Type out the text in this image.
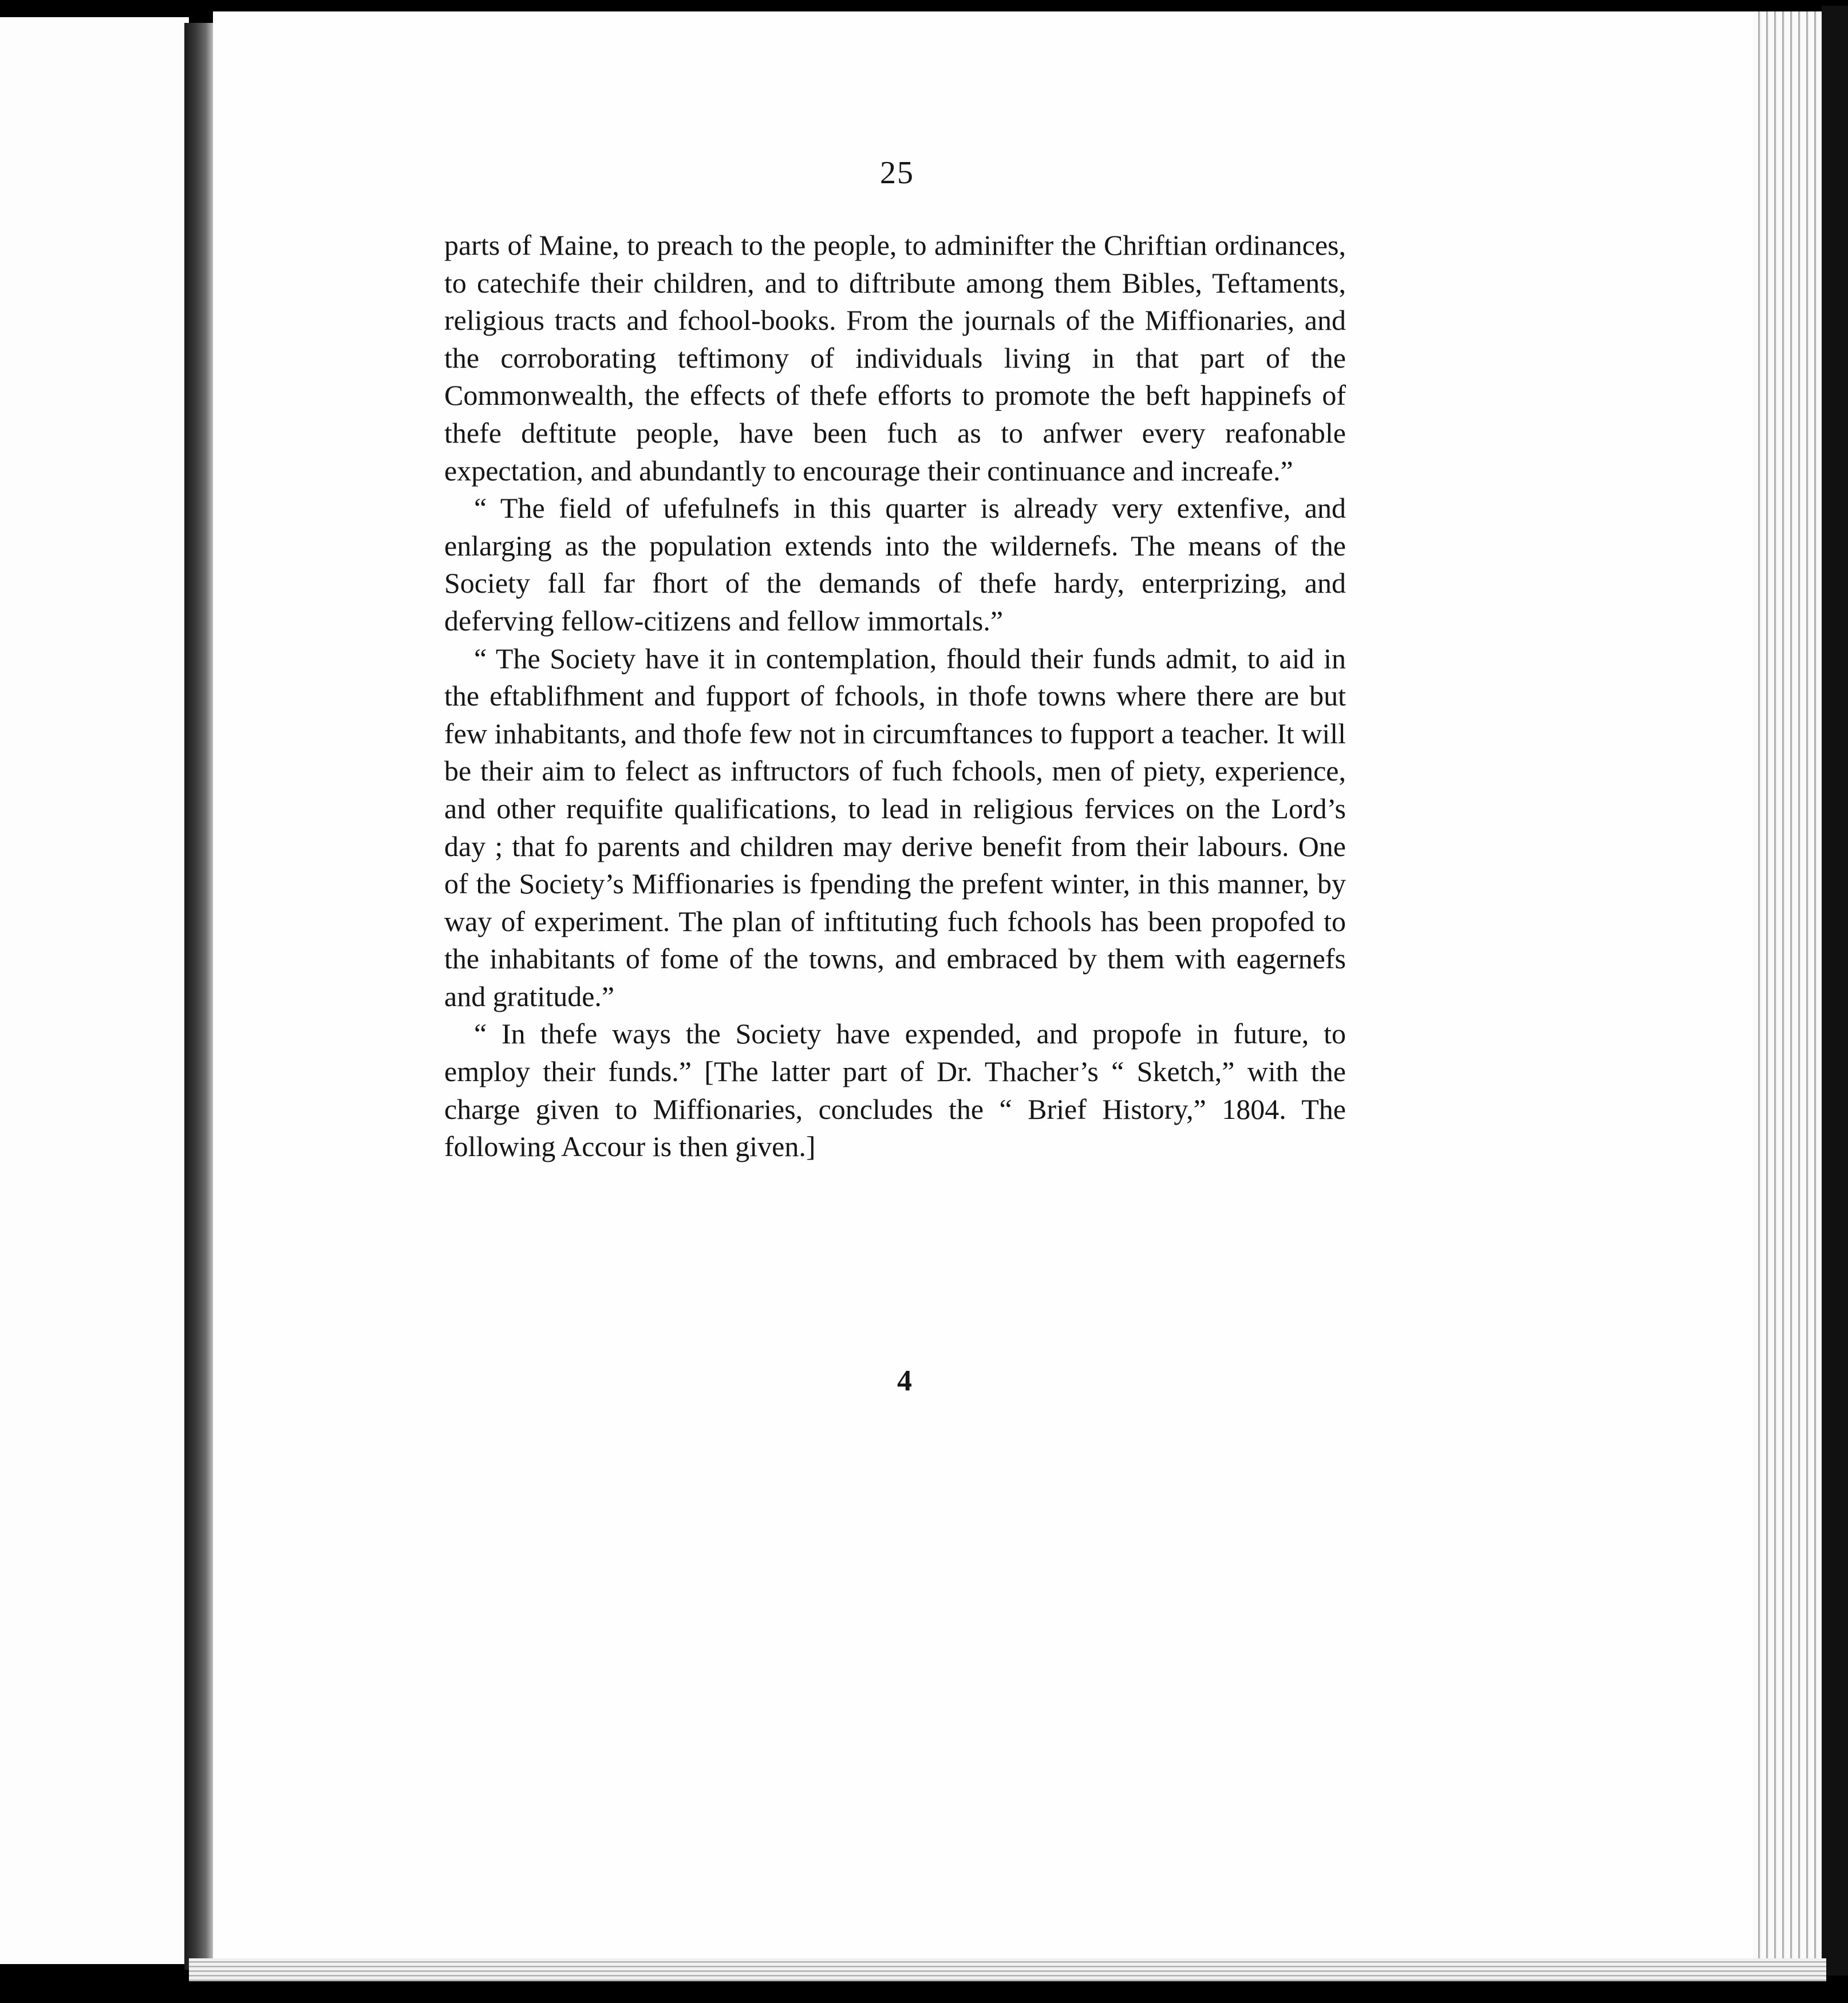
25

parts of Maine, to preach to the people, to adminifter the Chriftian ordinances, to catechife their children, and to diftribute among them Bibles, Teftaments, religious tracts and fchool-books. From the journals of the Miffionaries, and the corroborating teftimony of individuals living in that part of the Commonwealth, the effects of thefe efforts to promote the beft happinefs of thefe deftitute people, have been fuch as to anfwer every reafonable expectation, and abundantly to encourage their continuance and increafe.”

“ The field of ufefulnefs in this quarter is already very extenfive, and enlarging as the population extends into the wildernefs. The means of the Society fall far fhort of the demands of thefe hardy, enterprizing, and deferving fellow-citizens and fellow immortals.”

“ The Society have it in contemplation, fhould their funds admit, to aid in the eftablifhment and fupport of fchools, in thofe towns where there are but few inhabitants, and thofe few not in circumftances to fupport a teacher. It will be their aim to felect as inftructors of fuch fchools, men of piety, experience, and other requifite qualifications, to lead in religious fervices on the Lord’s day ; that fo parents and children may derive benefit from their labours. One of the Society’s Miffionaries is fpending the prefent winter, in this manner, by way of experiment. The plan of inftituting fuch fchools has been propofed to the inhabitants of fome of the towns, and embraced by them with eagernefs and gratitude.”

“ In thefe ways the Society have expended, and propofe in future, to employ their funds.” [The latter part of Dr. Thacher’s “ Sketch,” with the charge given to Miffionaries, concludes the “ Brief History,” 1804. The following Accour is then given.]

4
